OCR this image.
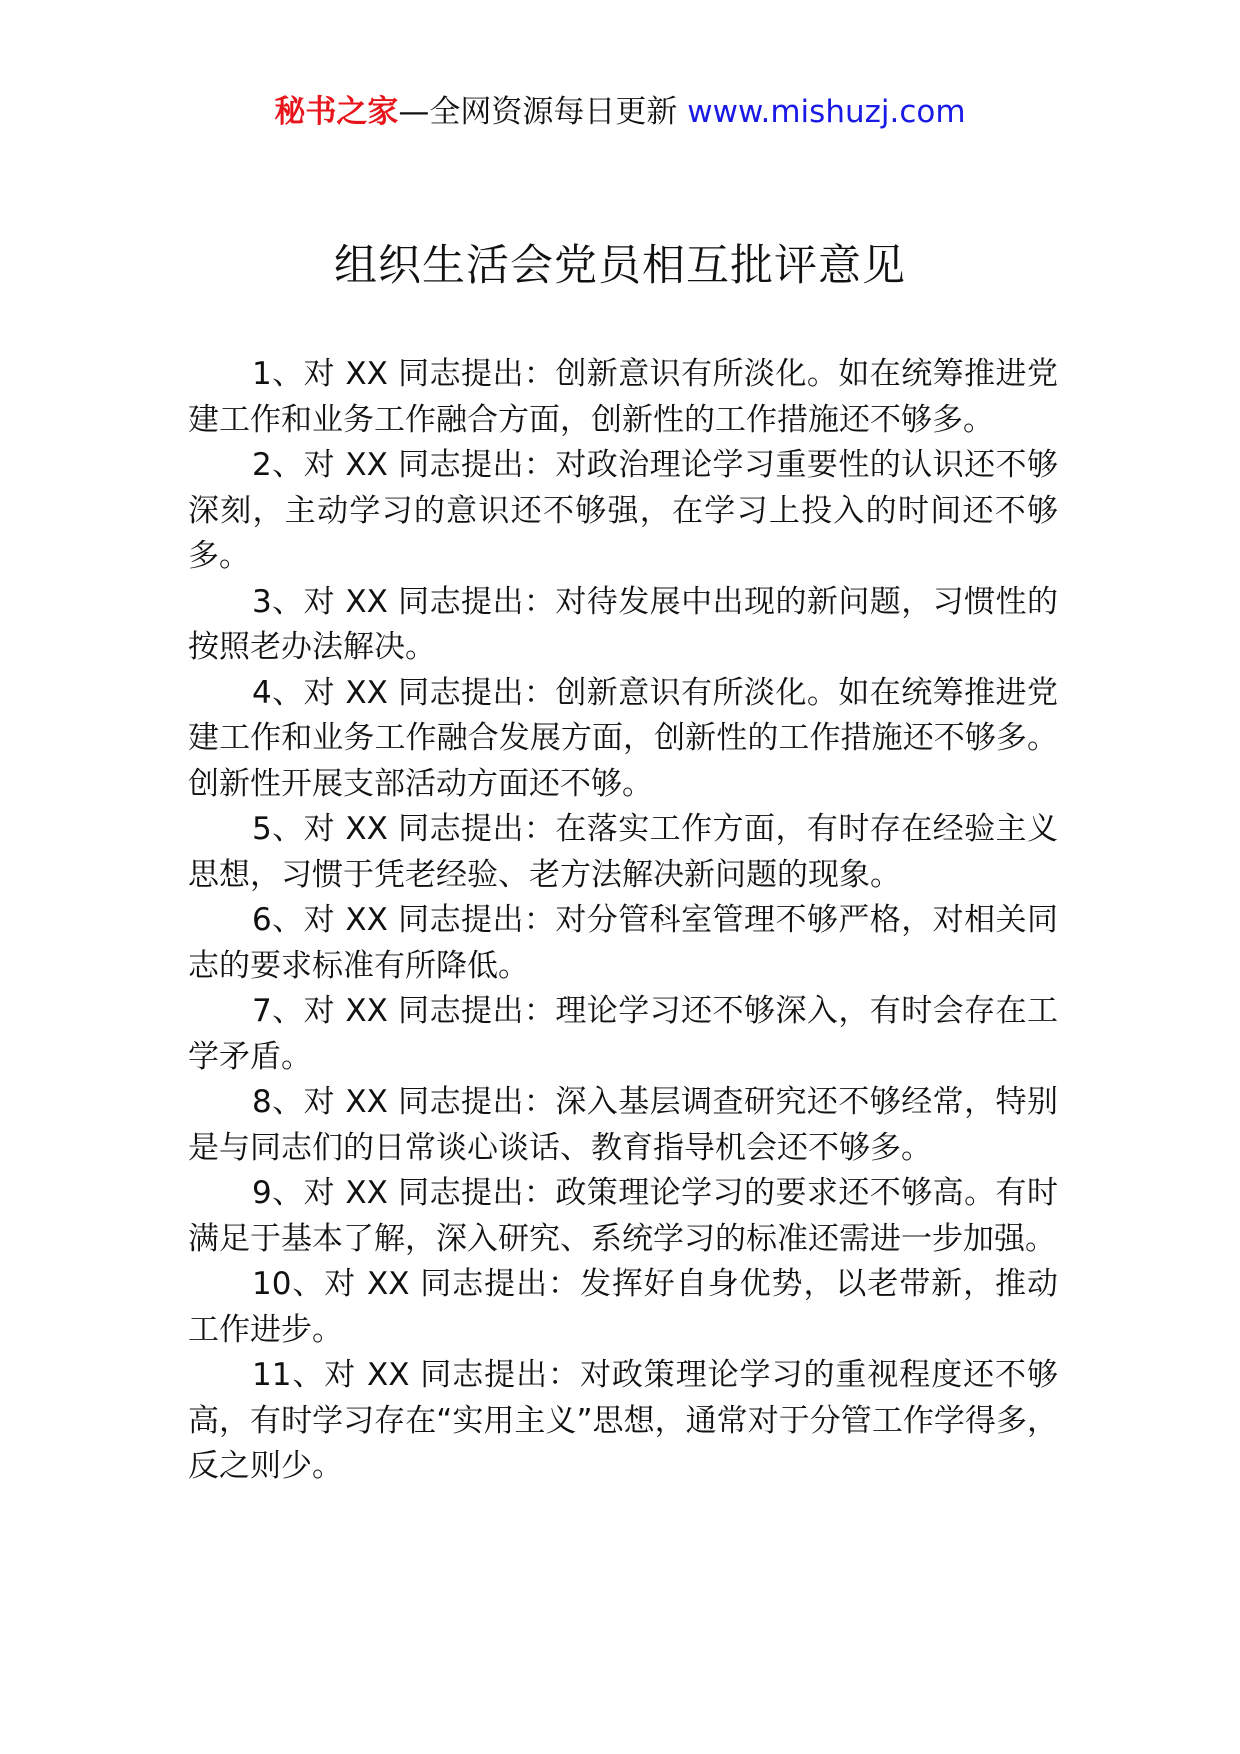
秘书之家—全网资源每日更新 www.mishuzj.com
组织生活会党员相互批评意见
1、对 XX 同志提出：创新意识有所淡化。如在统筹推进党建工作和业务工作融合方面，创新性的工作措施还不够多。
2、对 XX 同志提出：对政治理论学习重要性的认识还不够深刻，主动学习的意识还不够强，在学习上投入的时间还不够多。
3、对 XX 同志提出：对待发展中出现的新问题，习惯性的按照老办法解决。
4、对 XX 同志提出：创新意识有所淡化。如在统筹推进党建工作和业务工作融合发展方面，创新性的工作措施还不够多。创新性开展支部活动方面还不够。
5、对 XX 同志提出：在落实工作方面，有时存在经验主义思想，习惯于凭老经验、老方法解决新问题的现象。
6、对 XX 同志提出：对分管科室管理不够严格，对相关同志的要求标准有所降低。
7、对 XX 同志提出：理论学习还不够深入，有时会存在工学矛盾。
8、对 XX 同志提出：深入基层调查研究还不够经常，特别是与同志们的日常谈心谈话、教育指导机会还不够多。
9、对 XX 同志提出：政策理论学习的要求还不够高。有时满足于基本了解，深入研究、系统学习的标准还需进一步加强。
10、对 XX 同志提出：发挥好自身优势，以老带新，推动工作进步。
11、对 XX 同志提出：对政策理论学习的重视程度还不够高，有时学习存在“实用主义”思想，通常对于分管工作学得多，反之则少。
